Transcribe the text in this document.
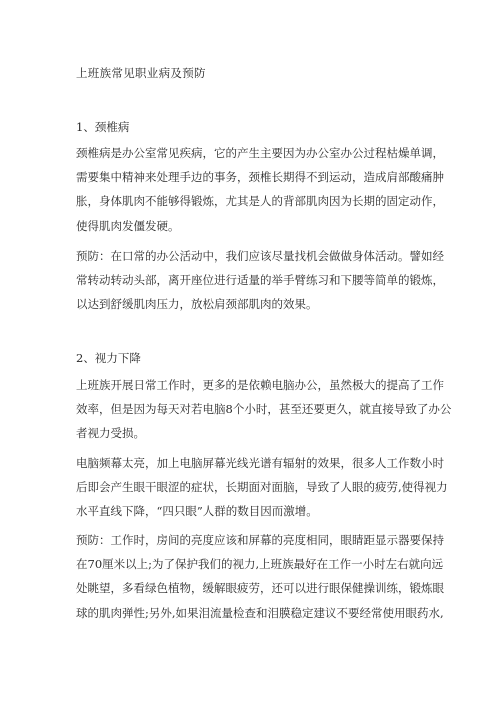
上班族常见职业病及预防
1、颈椎病
颈椎病是办公室常见疾病，它的产生主要因为办公室办公过程枯燥单调，
需要集中精神来处理手边的事务，颈椎长期得不到运动，造成肩部酸痛肿
胀，身体肌肉不能够得锻炼，尤其是人的背部肌肉因为长期的固定动作，
使得肌肉发僵发硬。
预防：在口常的办公活动中，我们应该尽量找机会做做身体活动。譬如经
常转动转动头部，离开座位进行适量的举手臂练习和下腰等简单的锻炼，
以达到舒缓肌肉压力，放松肩颈部肌肉的效果。
2、视力下降
上班族开展日常工作时，更多的是依赖电脑办公，虽然极大的提高了工作
效率，但是因为每天对若电脑8个小时，甚至还要更久，就直接导致了办公
者视力受损。
电脑频幕太亮，加上电脑屏幕光线光谱有辐射的效果，很多人工作数小时
后即会产生眼干眼涩的症状，长期面对面脑，导致了人眼的疲劳,使得视力
水平直线下降，“四只眼”人群的数目因而激增。
预防：工作时，房间的亮度应该和屏幕的亮度相同，眼睛距显示器要保持
在70厘米以上;为了保护我们的视力,上班族最好在工作一小时左右就向远
处眺望，多看绿色植物，缓解眼疲劳，还可以进行眼保健操训练，锻炼眼
球的肌肉弹性;另外,如果泪流量检查和泪膜稳定建议不要经常使用眼药水,
